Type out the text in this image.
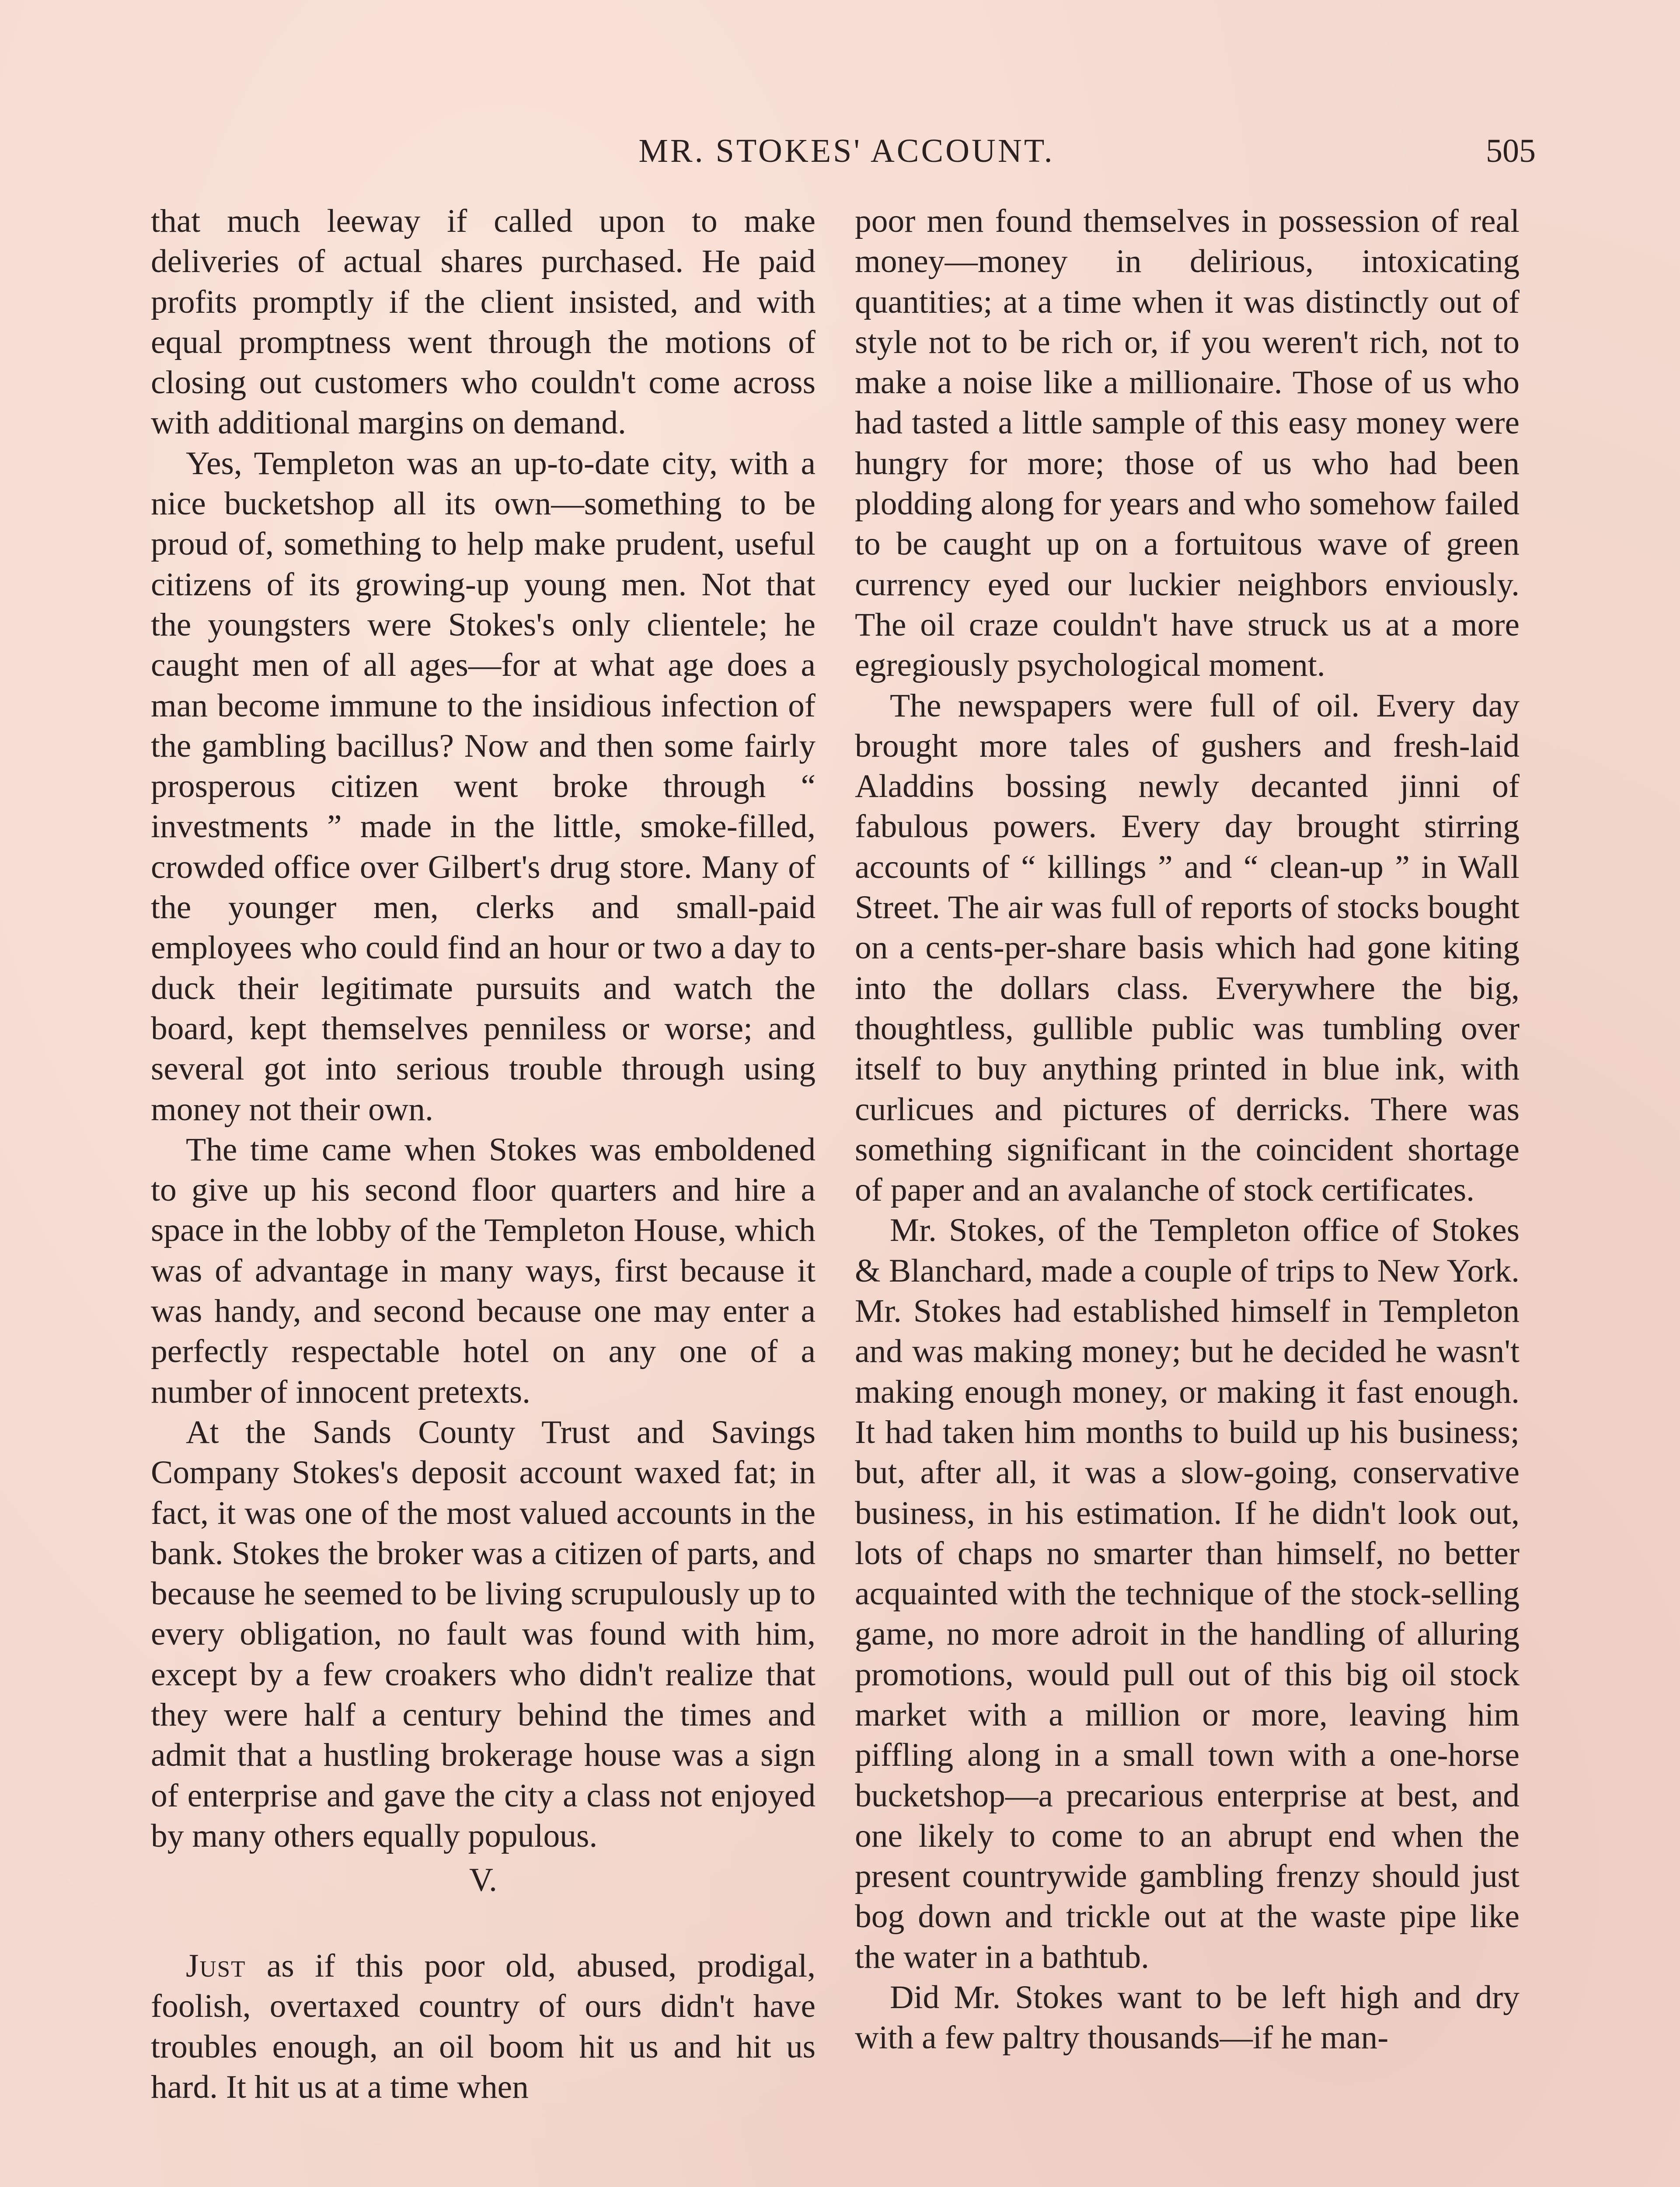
MR. STOKES' ACCOUNT.	505

that much leeway if called upon to make deliveries of actual shares purchased. He paid profits promptly if the client insisted, and with equal promptness went through the motions of closing out customers who couldn't come across with additional margins on demand.

Yes, Templeton was an up-to-date city, with a nice bucketshop all its own—something to be proud of, something to help make prudent, useful citizens of its growing-up young men. Not that the youngsters were Stokes's only clientele; he caught men of all ages—for at what age does a man become immune to the insidious infection of the gambling bacillus? Now and then some fairly prosperous citizen went broke through “ investments ” made in the little, smoke-filled, crowded office over Gilbert's drug store. Many of the younger men, clerks and small-paid employees who could find an hour or two a day to duck their legitimate pursuits and watch the board, kept themselves penniless or worse; and several got into serious trouble through using money not their own.

The time came when Stokes was emboldened to give up his second floor quarters and hire a space in the lobby of the Templeton House, which was of advantage in many ways, first because it was handy, and second because one may enter a perfectly respectable hotel on any one of a number of innocent pretexts.

At the Sands County Trust and Savings Company Stokes's deposit account waxed fat; in fact, it was one of the most valued accounts in the bank. Stokes the broker was a citizen of parts, and because he seemed to be living scrupulously up to every obligation, no fault was found with him, except by a few croakers who didn't realize that they were half a century behind the times and admit that a hustling brokerage house was a sign of enterprise and gave the city a class not enjoyed by many others equally populous.

V.

Just as if this poor old, abused, prodigal, foolish, overtaxed country of ours didn't have troubles enough, an oil boom hit us and hit us hard. It hit us at a time when

poor men found themselves in possession of real money—money in delirious, intoxicating quantities; at a time when it was distinctly out of style not to be rich or, if you weren't rich, not to make a noise like a millionaire. Those of us who had tasted a little sample of this easy money were hungry for more; those of us who had been plodding along for years and who somehow failed to be caught up on a fortuitous wave of green currency eyed our luckier neighbors enviously. The oil craze couldn't have struck us at a more egregiously psychological moment.

The newspapers were full of oil. Every day brought more tales of gushers and fresh-laid Aladdins bossing newly decanted jinni of fabulous powers. Every day brought stirring accounts of “ killings ” and “ clean-up ” in Wall Street. The air was full of reports of stocks bought on a cents-per-share basis which had gone kiting into the dollars class. Everywhere the big, thoughtless, gullible public was tumbling over itself to buy anything printed in blue ink, with curlicues and pictures of derricks. There was something significant in the coincident shortage of paper and an avalanche of stock certificates.

Mr. Stokes, of the Templeton office of Stokes & Blanchard, made a couple of trips to New York. Mr. Stokes had established himself in Templeton and was making money; but he decided he wasn't making enough money, or making it fast enough. It had taken him months to build up his business; but, after all, it was a slow-going, conservative business, in his estimation. If he didn't look out, lots of chaps no smarter than himself, no better acquainted with the technique of the stock-selling game, no more adroit in the handling of alluring promotions, would pull out of this big oil stock market with a million or more, leaving him piffling along in a small town with a one-horse bucketshop—a precarious enterprise at best, and one likely to come to an abrupt end when the present countrywide gambling frenzy should just bog down and trickle out at the waste pipe like the water in a bathtub.

Did Mr. Stokes want to be left high and dry with a few paltry thousands—if he man-
